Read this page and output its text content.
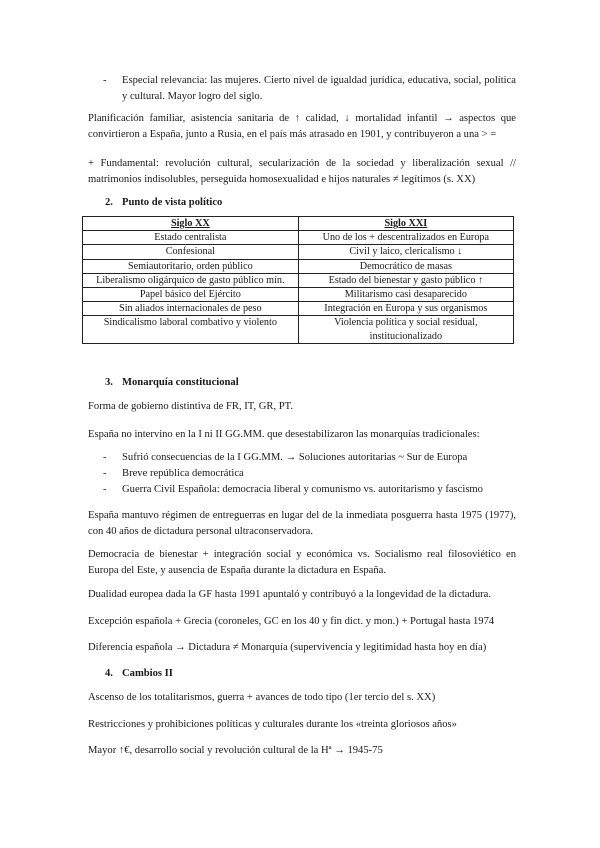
- Especial relevancia: las mujeres. Cierto nivel de igualdad jurídica, educativa, social, política y cultural. Mayor logro del siglo.

Planificación familiar, asistencia sanitaria de ↑ calidad, ↓ mortalidad infantil → aspectos que convirtieron a España, junto a Rusia, en el país más atrasado en 1901, y contribuyeron a una > =

+ Fundamental: revolución cultural, secularización de la sociedad y liberalización sexual // matrimonios indisolubles, perseguida homosexualidad e hijos naturales ≠ legítimos (s. XX)

2. Punto de vista político
Siglo XX	Siglo XXI
Estado centralista	Uno de los + descentralizados en Europa
Confesional	Civil y laico, clericalismo ↓
Semiautoritario, orden público	Democrático de masas
Liberalismo oligárquico de gasto público mín.	Estado del bienestar y gasto público ↑
Papel básico del Ejército	Militarismo casi desaparecido
Sin aliados internacionales de peso	Integración en Europa y sus organismos
Sindicalismo laboral combativo y violento	Violencia política y social residual, institucionalizado
3. Monarquía constitucional

Forma de gobierno distintiva de FR, IT, GR, PT.

España no intervino en la I ni II GG.MM. que desestabilizaron las monarquías tradicionales:

- Sufrió consecuencias de la I GG.MM. → Soluciones autoritarias ~ Sur de Europa
- Breve república democrática
- Guerra Civil Española: democracia liberal y comunismo vs. autoritarismo y fascismo

España mantuvo régimen de entreguerras en lugar del de la inmediata posguerra hasta 1975 (1977), con 40 años de dictadura personal ultraconservadora.

Democracia de bienestar + integración social y económica vs. Socialismo real filosoviético en Europa del Este, y ausencia de España durante la dictadura en España.

Dualidad europea dada la GF hasta 1991 apuntaló y contribuyó a la longevidad de la dictadura.

Excepción española + Grecia (coroneles, GC en los 40 y fin dict. y mon.) + Portugal hasta 1974

Diferencia española → Dictadura ≠ Monarquía (supervivencia y legitimidad hasta hoy en día)

4. Cambios II

Ascenso de los totalitarismos, guerra + avances de todo tipo (1er tercio del s. XX)

Restricciones y prohibiciones políticas y culturales durante los «treinta gloriosos años»

Mayor ↑€, desarrollo social y revolución cultural de la Hª → 1945-75
